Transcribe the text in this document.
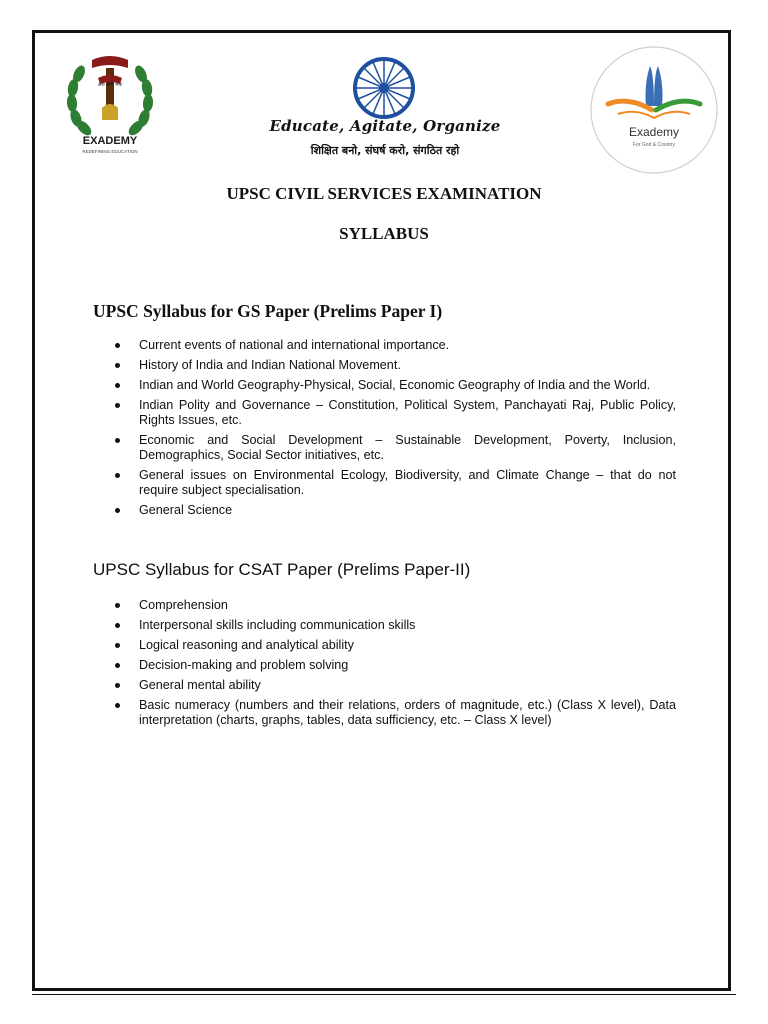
अथ योगे भवः
EXADEMY
REDEFINING EDUCATION
Educate, Agitate, Organize
शिक्षित बनो, संघर्ष करो, संगठित रहो
Exademy
For God & Country
UPSC CIVIL SERVICES EXAMINATION
SYLLABUS
UPSC Syllabus for GS Paper (Prelims Paper I)
Current events of national and international importance.
History of India and Indian National Movement.
Indian and World Geography-Physical, Social, Economic Geography of India and the World.
Indian Polity and Governance – Constitution, Political System, Panchayati Raj, Public Policy, Rights Issues, etc.
Economic and Social Development – Sustainable Development, Poverty, Inclusion, Demographics, Social Sector initiatives, etc.
General issues on Environmental Ecology, Biodiversity, and Climate Change – that do not require subject specialisation.
General Science
UPSC Syllabus for CSAT Paper (Prelims Paper-II)
Comprehension
Interpersonal skills including communication skills
Logical reasoning and analytical ability
Decision-making and problem solving
General mental ability
Basic numeracy (numbers and their relations, orders of magnitude, etc.) (Class X level), Data interpretation (charts, graphs, tables, data sufficiency, etc. – Class X level)
